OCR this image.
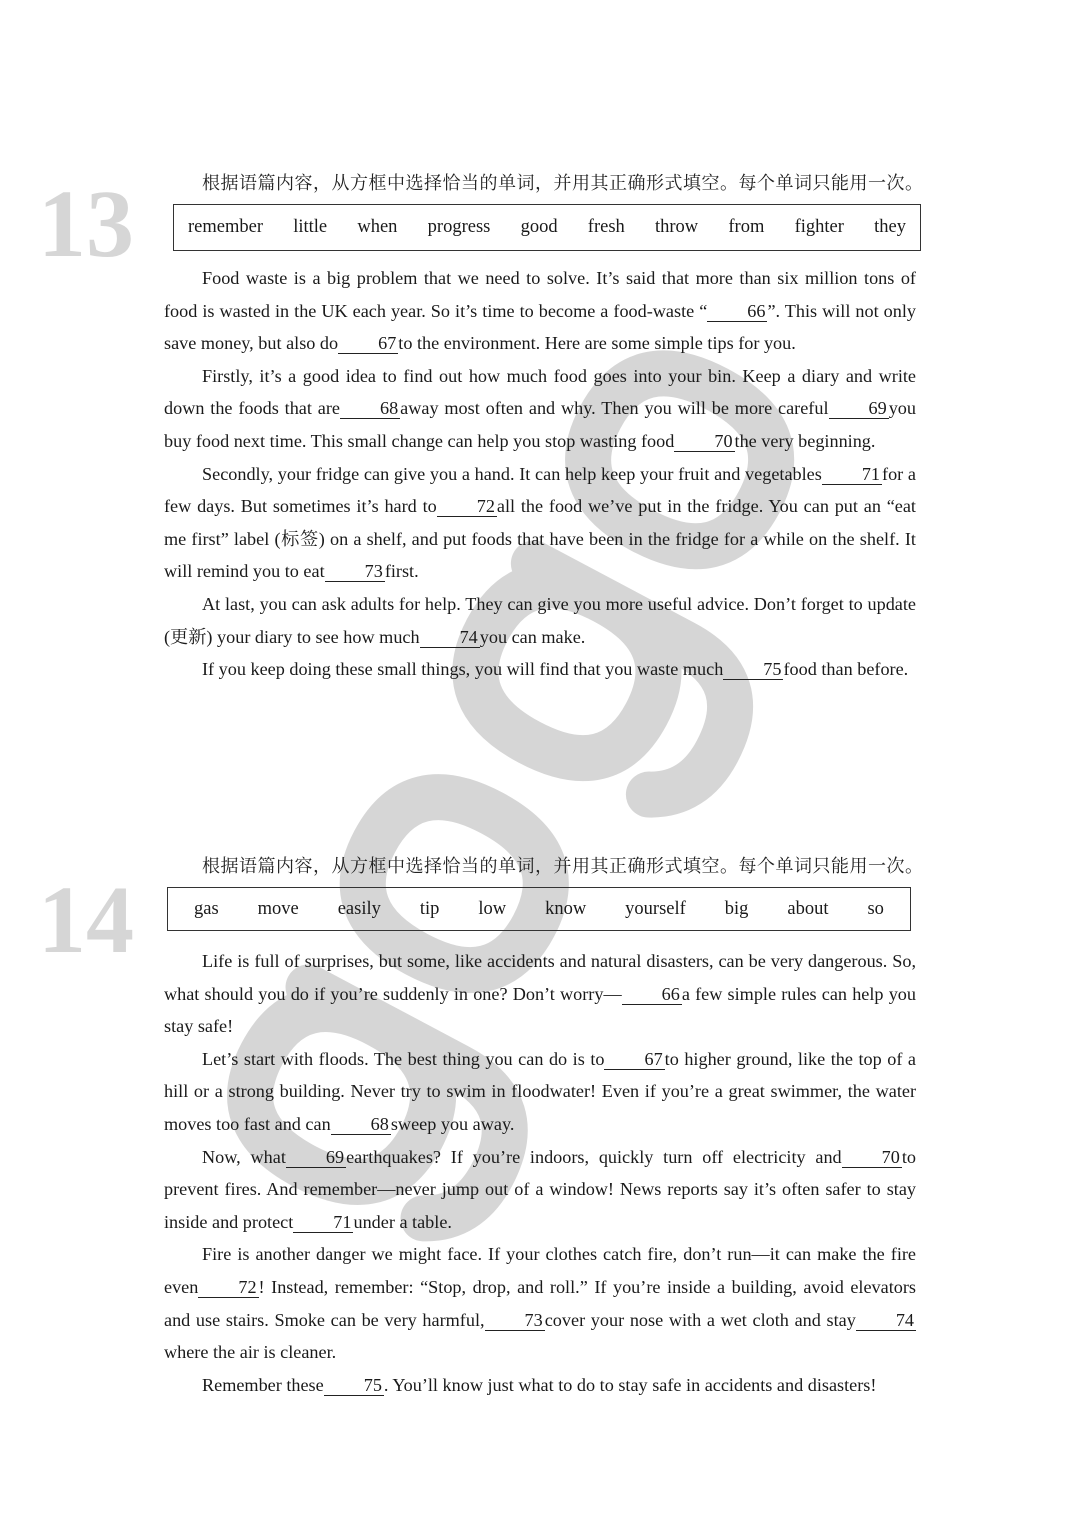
13	根据语篇内容，从方框中选择恰当的单词，并用其正确形式填空。每个单词只能用一次。
remember little when progress good fresh throw from fighter they

Food waste is a big problem that we need to solve. It’s said that more than six million tons of food is wasted in the UK each year. So it’s time to become a food-waste “ 66 ”. This will not only save money, but also do 67 to the environment. Here are some simple tips for you.

Firstly, it’s a good idea to find out how much food goes into your bin. Keep a diary and write down the foods that are 68 away most often and why. Then you will be more careful 69 you buy food next time. This small change can help you stop wasting food 70 the very beginning.

Secondly, your fridge can give you a hand. It can help keep your fruit and vegetables 71 for a few days. But sometimes it’s hard to 72 all the food we’ve put in the fridge. You can put an “eat me first” label (标签) on a shelf, and put foods that have been in the fridge for a while on the shelf. It will remind you to eat 73 first.

At last, you can ask adults for help. They can give you more useful advice. Don’t forget to update (更新) your diary to see how much 74 you can make.

If you keep doing these small things, you will find that you waste much 75 food than before.

14	根据语篇内容，从方框中选择恰当的单词，并用其正确形式填空。每个单词只能用一次。
gas move easily tip low know yourself big about so

Life is full of surprises, but some, like accidents and natural disasters, can be very dangerous. So, what should you do if you’re suddenly in one? Don’t worry— 66 a few simple rules can help you stay safe!

Let’s start with floods. The best thing you can do is to 67 to higher ground, like the top of a hill or a strong building. Never try to swim in floodwater! Even if you’re a great swimmer, the water moves too fast and can 68 sweep you away.

Now, what 69 earthquakes? If you’re indoors, quickly turn off electricity and 70 to prevent fires. And remember—never jump out of a window! News reports say it’s often safer to stay inside and protect 71 under a table.

Fire is another danger we might face. If your clothes catch fire, don’t run—it can make the fire even 72 ! Instead, remember: “Stop, drop, and roll.” If you’re inside a building, avoid elevators and use stairs. Smoke can be very harmful, 73 cover your nose with a wet cloth and stay 74where the air is cleaner.

Remember these 75 . You’ll know just what to do to stay safe in accidents and disasters!
